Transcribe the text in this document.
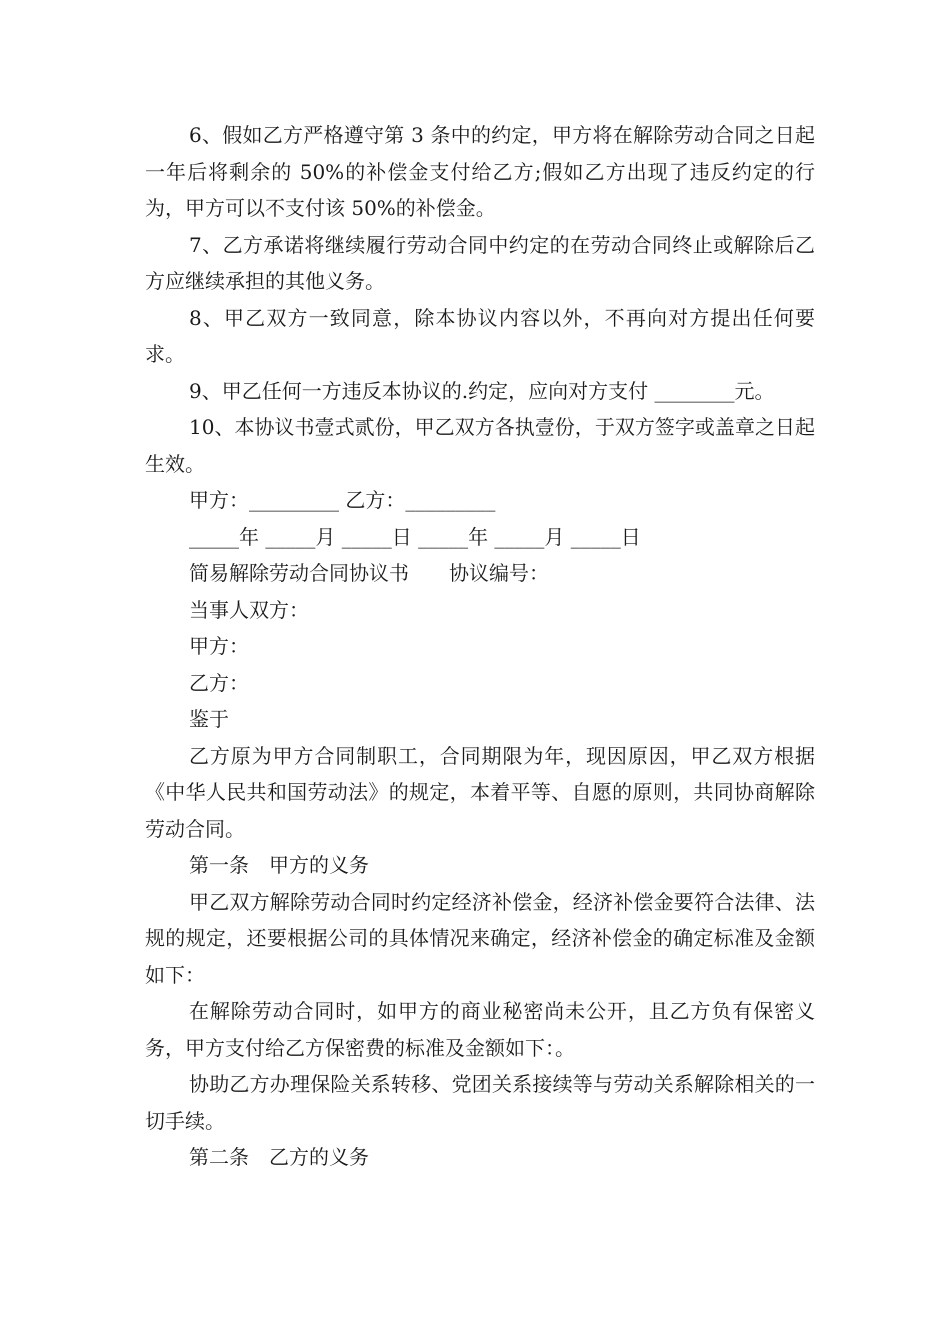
6、假如乙方严格遵守第 3 条中的约定，甲方将在解除劳动合同之日起一年后将剩余的 50%的补偿金支付给乙方;假如乙方出现了违反约定的行为，甲方可以不支付该 50%的补偿金。

7、乙方承诺将继续履行劳动合同中约定的在劳动合同终止或解除后乙方应继续承担的其他义务。

8、甲乙双方一致同意，除本协议内容以外，不再向对方提出任何要求。

9、甲乙任何一方违反本协议的.约定，应向对方支付 ________元。

10、本协议书壹式贰份，甲乙双方各执壹份，于双方签字或盖章之日起生效。

甲方：_________ 乙方：_________

_____年 _____月 _____日 _____年 _____月 _____日

简易解除劳动合同协议书　　协议编号：

当事人双方：

甲方：

乙方：

鉴于

乙方原为甲方合同制职工，合同期限为年，现因原因，甲乙双方根据《中华人民共和国劳动法》的规定，本着平等、自愿的原则，共同协商解除劳动合同。

第一条　甲方的义务

甲乙双方解除劳动合同时约定经济补偿金，经济补偿金要符合法律、法规的规定，还要根据公司的具体情况来确定，经济补偿金的确定标准及金额如下：

在解除劳动合同时，如甲方的商业秘密尚未公开，且乙方负有保密义务，甲方支付给乙方保密费的标准及金额如下：。

协助乙方办理保险关系转移、党团关系接续等与劳动关系解除相关的一切手续。

第二条　乙方的义务
